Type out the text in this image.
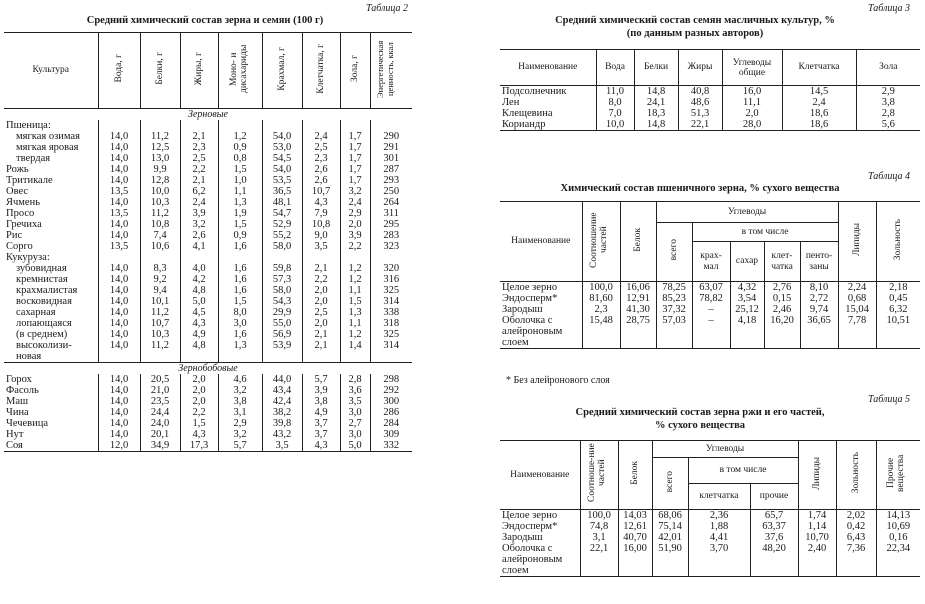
Таблица 2
Средний химический состав зерна и семян (100 г)
Культура	Вода, г	Белки, г	Жиры, г	Моно- и дисахариды	Крахмал, г	Клетчатка, г	Зола, г	Энергетическая ценность, ккал
Зерновые								
Пшеница:								
мягкая озимая	14,0	11,2	2,1	1,2	54,0	2,4	1,7	290
мягкая яровая	14,0	12,5	2,3	0,9	53,0	2,5	1,7	291
твердая	14,0	13,0	2,5	0,8	54,5	2,3	1,7	301
Рожь	14,0	9,9	2,2	1,5	54,0	2,6	1,7	287
Тритикале	14,0	12,8	2,1	1,0	53,5	2,6	1,7	293
Овес	13,5	10,0	6,2	1,1	36,5	10,7	3,2	250
Ячмень	14,0	10,3	2,4	1,3	48,1	4,3	2,4	264
Просо	13,5	11,2	3,9	1,9	54,7	7,9	2,9	311
Гречиха	14,0	10,8	3,2	1,5	52,9	10,8	2,0	295
Рис	14,0	7,4	2,6	0,9	55,2	9,0	3,9	283
Сорго	13,5	10,6	4,1	1,6	58,0	3,5	2,2	323
Кукуруза:								
зубовидная	14,0	8,3	4,0	1,6	59,8	2,1	1,2	320
кремнистая	14,0	9,2	4,2	1,6	57,3	2,2	1,2	316
крахмалистая	14,0	9,4	4,8	1,6	58,0	2,0	1,1	325
восковидная	14,0	10,1	5,0	1,5	54,3	2,0	1,5	314
сахарная	14,0	11,2	4,5	8,0	29,9	2,5	1,3	338
лопающаяся	14,0	10,7	4,3	3,0	55,0	2,0	1,1	318
(в среднем)	14,0	10,3	4,9	1,6	56,9	2,1	1,2	325
высоколизи-	14,0	11,2	4,8	1,3	53,9	2,1	1,4	314
новая								
Зернобобовые								
Горох	14,0	20,5	2,0	4,6	44,0	5,7	2,8	298
Фасоль	14,0	21,0	2,0	3,2	43,4	3,9	3,6	292
Маш	14,0	23,5	2,0	3,8	42,4	3,8	3,5	300
Чина	14,0	24,4	2,2	3,1	38,2	4,9	3,0	286
Чечевица	14,0	24,0	1,5	2,9	39,8	3,7	2,7	284
Нут	14,0	20,1	4,3	3,2	43,2	3,7	3,0	309
Соя	12,0	34,9	17,3	5,7	3,5	4,3	5,0	332
Таблица 3
Средний химический состав семян масличных культур, %
(по данным разных авторов)
Наименование	Вода	Белки	Жиры	Углеводы общие	Клетчатка	Зола
Подсолнечник	11,0	14,8	40,8	16,0	14,5	2,9
Лен	8,0	24,1	48,6	11,1	2,4	3,8
Клещевина	7,0	18,3	51,3	2,0	18,6	2,8
Кориандр	10,0	14,8	22,1	28,0	18,6	5,6
Таблица 4
Химический состав пшеничного зерна, % сухого вещества
Наименование	Соотношение частей	Белок	Углеводы					Липиды	Зольность
			всего	в том числе					
				крах-мал	сахар	клет-чатка	пенто-заны		
Целое зерно	100,0	16,06	78,25	63,07	4,32	2,76	8,10	2,24	2,18
Эндосперм*	81,60	12,91	85,23	78,82	3,54	0,15	2,72	0,68	0,45
Зародыш	2,3	41,30	37,32	–	25,12	2,46	9,74	15,04	6,32
Оболочка с	15,48	28,75	57,03	–	4,18	16,20	36,65	7,78	10,51
алейроновым									
слоем									
* Без алейронового слоя
Таблица 5
Средний химический состав зерна ржи и его частей,
% сухого вещества
Наименование	Соотноше-ние частей	Белок	Углеводы			Липиды	Зольность	Прочие вещества
			всего	в том числе				
				клетчатка	прочие			
Целое зерно	100,0	14,03	68,06	2,36	65,7	1,74	2,02	14,13
Эндосперм*	74,8	12,61	75,14	1,88	63,37	1,14	0,42	10,69
Зародыш	3,1	40,70	42,01	4,41	37,6	10,70	6,43	0,16
Оболочка с	22,1	16,00	51,90	3,70	48,20	2,40	7,36	22,34
алейроновым								
слоем								
